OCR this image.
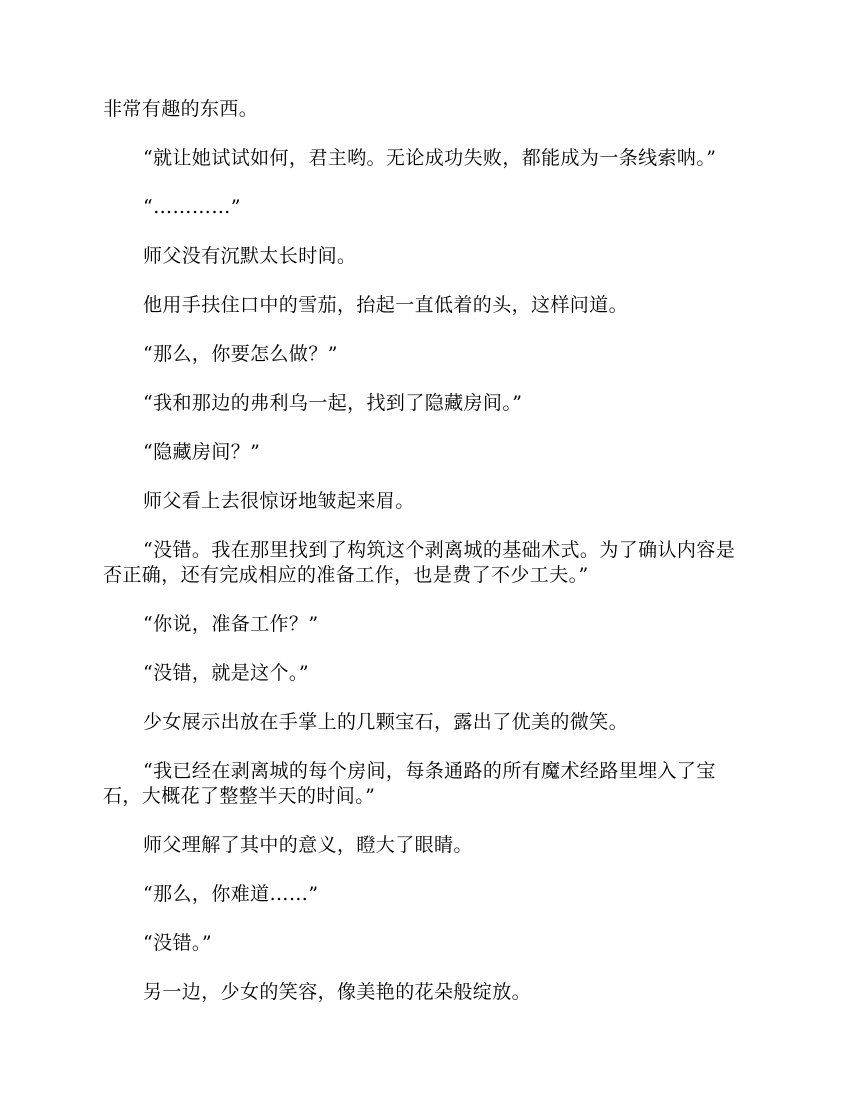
非常有趣的东西。

“就让她试试如何，君主哟。无论成功失败，都能成为一条线索呐。”

“…………”

师父没有沉默太长时间。

他用手扶住口中的雪茄，抬起一直低着的头，这样问道。

“那么，你要怎么做？”

“我和那边的弗利乌一起，找到了隐藏房间。”

“隐藏房间？”

师父看上去很惊讶地皱起来眉。

“没错。我在那里找到了构筑这个剥离城的基础术式。为了确认内容是否正确，还有完成相应的准备工作，也是费了不少工夫。”

“你说，准备工作？”

“没错，就是这个。”

少女展示出放在手掌上的几颗宝石，露出了优美的微笑。

“我已经在剥离城的每个房间，每条通路的所有魔术经路里埋入了宝石，大概花了整整半天的时间。”

师父理解了其中的意义，瞪大了眼睛。

“那么，你难道……”

“没错。”

另一边，少女的笑容，像美艳的花朵般绽放。
